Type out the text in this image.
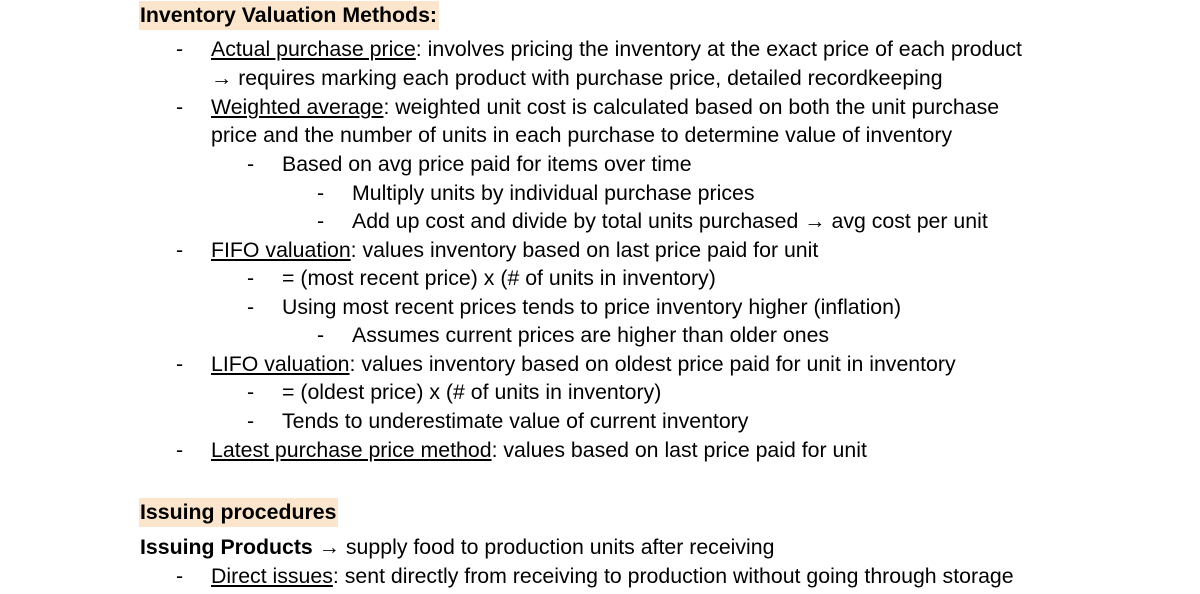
Inventory Valuation Methods:
- Actual purchase price: involves pricing the inventory at the exact price of each product
→ requires marking each product with purchase price, detailed recordkeeping
- Weighted average: weighted unit cost is calculated based on both the unit purchase
price and the number of units in each purchase to determine value of inventory
- Based on avg price paid for items over time
- Multiply units by individual purchase prices
- Add up cost and divide by total units purchased → avg cost per unit
- FIFO valuation: values inventory based on last price paid for unit
- = (most recent price) x (# of units in inventory)
- Using most recent prices tends to price inventory higher (inflation)
- Assumes current prices are higher than older ones
- LIFO valuation: values inventory based on oldest price paid for unit in inventory
- = (oldest price) x (# of units in inventory)
- Tends to underestimate value of current inventory
- Latest purchase price method: values based on last price paid for unit
Issuing procedures
Issuing Products → supply food to production units after receiving
- Direct issues: sent directly from receiving to production without going through storage
